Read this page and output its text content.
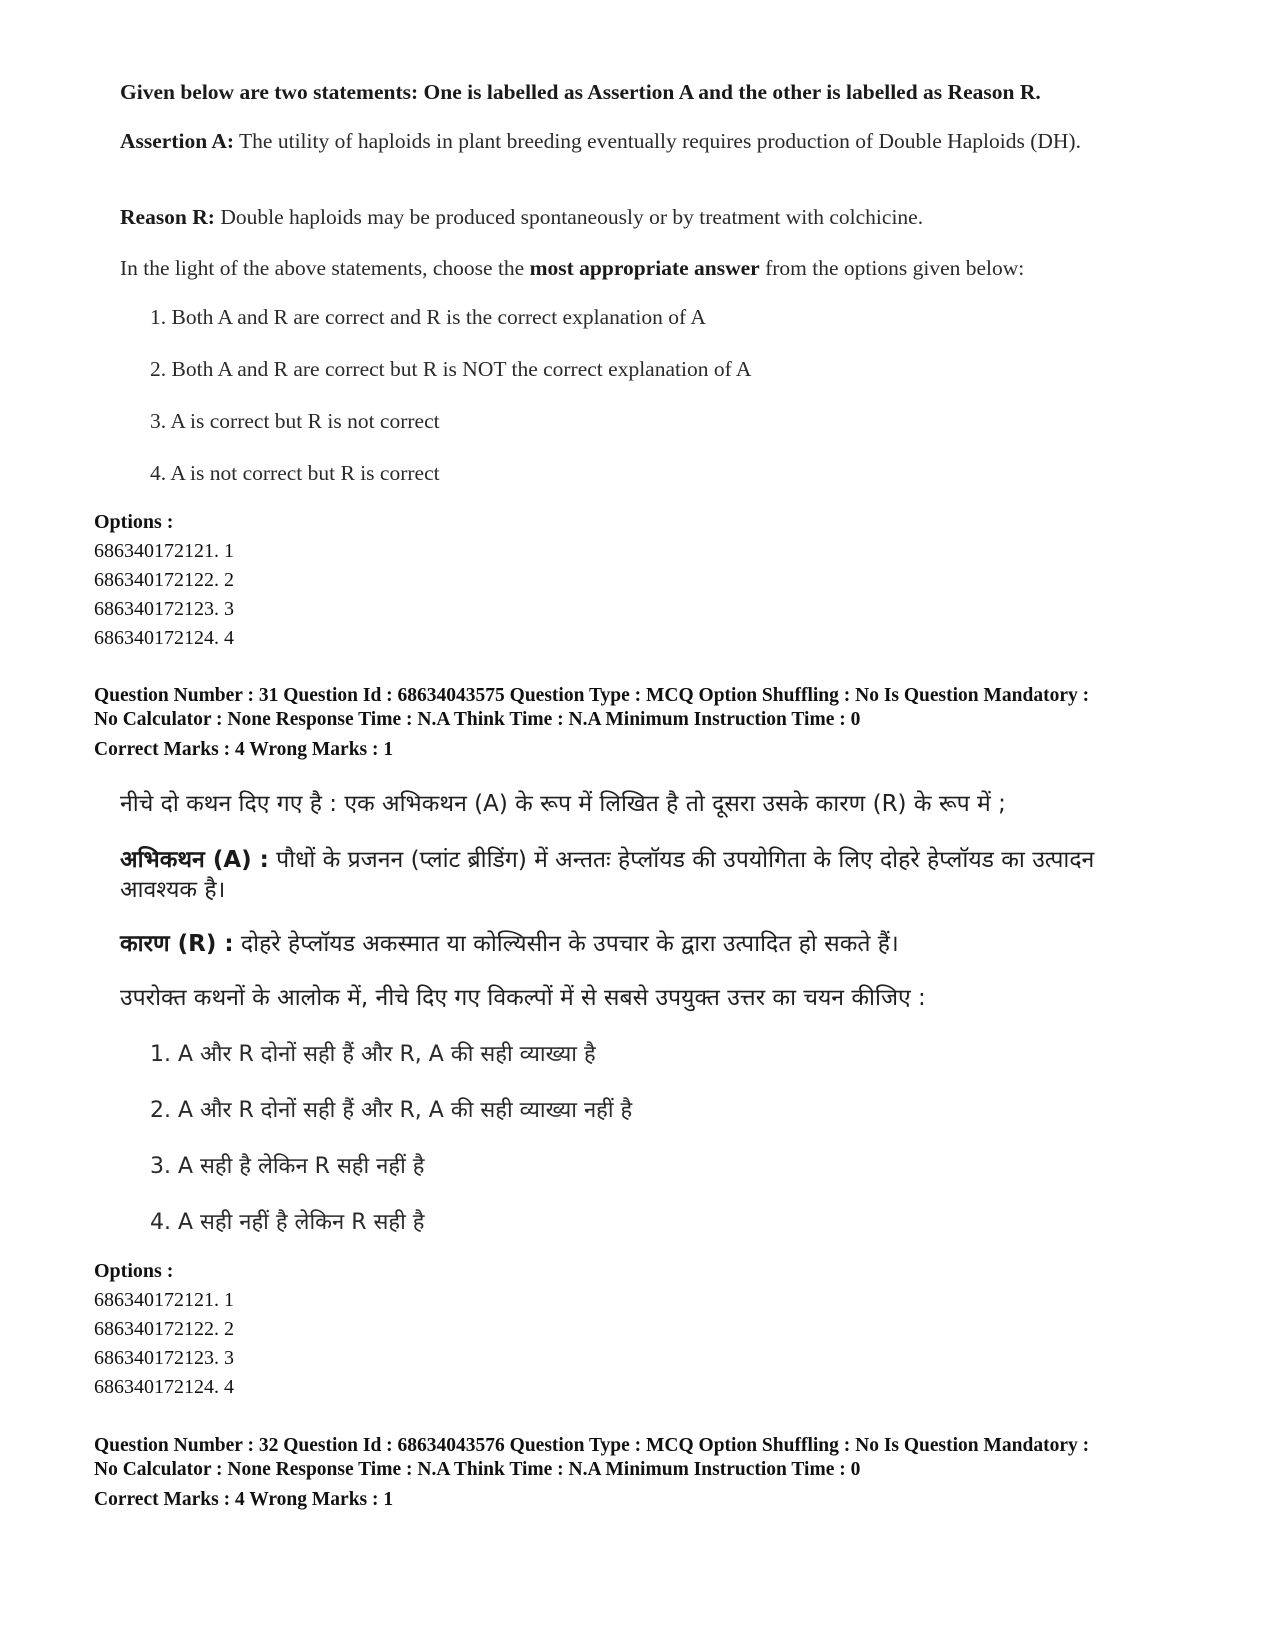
Given below are two statements: One is labelled as Assertion A and the other is labelled as Reason R.

Assertion A: The utility of haploids in plant breeding eventually requires production of Double Haploids (DH).

Reason R: Double haploids may be produced spontaneously or by treatment with colchicine.

In the light of the above statements, choose the most appropriate answer from the options given below:

1. Both A and R are correct and R is the correct explanation of A
2. Both A and R are correct but R is NOT the correct explanation of A
3. A is correct but R is not correct
4. A is not correct but R is correct
Options :
686340172121. 1
686340172122. 2
686340172123. 3
686340172124. 4
Question Number : 31 Question Id : 68634043575 Question Type : MCQ Option Shuffling : No Is Question Mandatory :
No Calculator : None Response Time : N.A Think Time : N.A Minimum Instruction Time : 0
Correct Marks : 4 Wrong Marks : 1
नीचे दो कथन दिए गए है : एक अभिकथन (A) के रूप में लिखित है तो दूसरा उसके कारण (R) के रूप में ;

अभिकथन (A) : पौधों के प्रजनन (प्लांट ब्रीडिंग) में अन्ततः हेप्लॉयड की उपयोगिता के लिए दोहरे हेप्लॉयड का उत्पादन आवश्यक है।

कारण (R) : दोहरे हेप्लॉयड अकस्मात या कोल्यिसीन के उपचार के द्वारा उत्पादित हो सकते हैं।

उपरोक्त कथनों के आलोक में, नीचे दिए गए विकल्पों में से सबसे उपयुक्त उत्तर का चयन कीजिए :
1. A और R दोनों सही हैं और R, A की सही व्याख्या है
2. A और R दोनों सही हैं और R, A की सही व्याख्या नहीं है
3. A सही है लेकिन R सही नहीं है
4. A सही नहीं है लेकिन R सही है
Options :
686340172121. 1
686340172122. 2
686340172123. 3
686340172124. 4
Question Number : 32 Question Id : 68634043576 Question Type : MCQ Option Shuffling : No Is Question Mandatory :
No Calculator : None Response Time : N.A Think Time : N.A Minimum Instruction Time : 0
Correct Marks : 4 Wrong Marks : 1
